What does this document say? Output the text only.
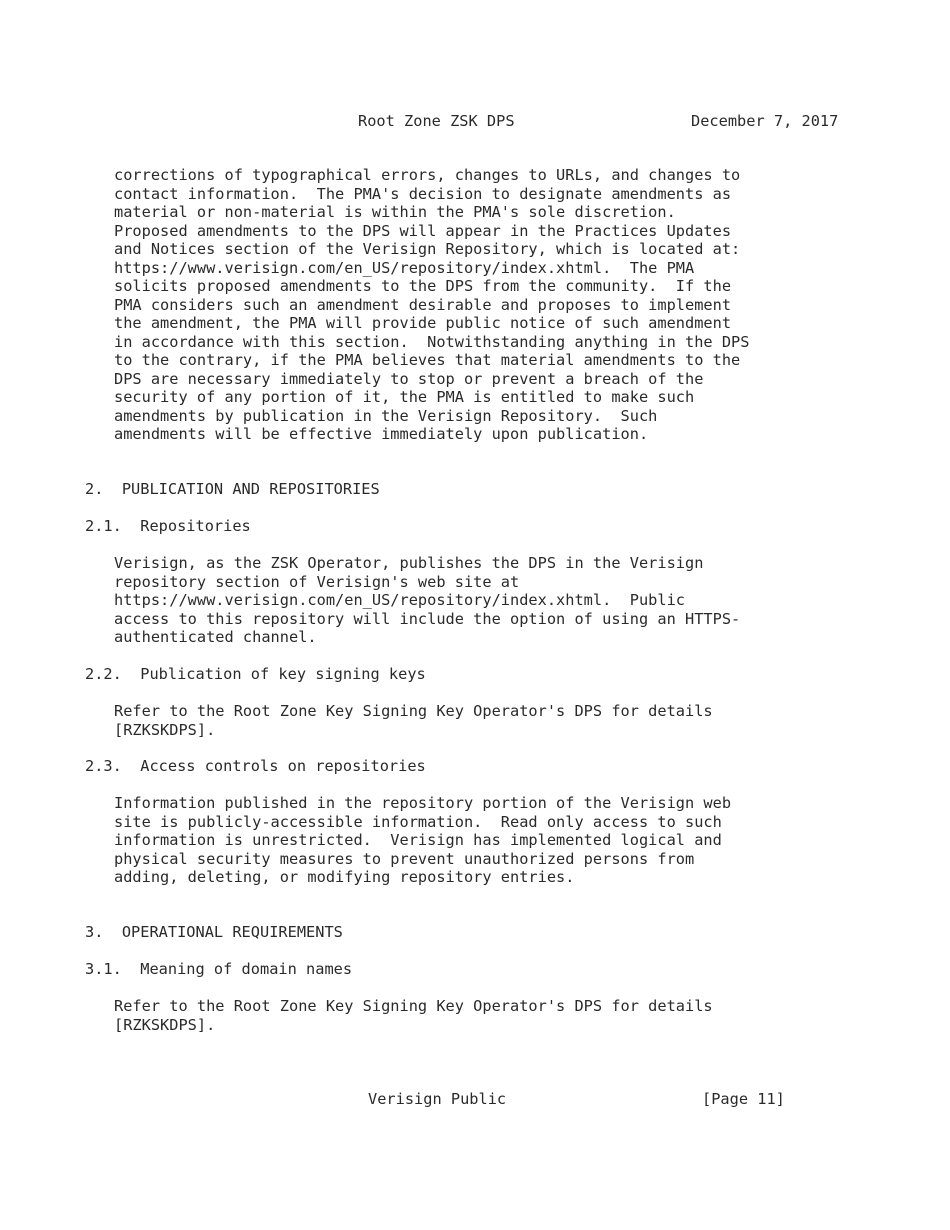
Root Zone ZSK DPS	December 7, 2017
corrections of typographical errors, changes to URLs, and changes to
contact information.  The PMA's decision to designate amendments as
material or non-material is within the PMA's sole discretion.
Proposed amendments to the DPS will appear in the Practices Updates
and Notices section of the Verisign Repository, which is located at:
https://www.verisign.com/en_US/repository/index.xhtml.  The PMA
solicits proposed amendments to the DPS from the community.  If the
PMA considers such an amendment desirable and proposes to implement
the amendment, the PMA will provide public notice of such amendment
in accordance with this section.  Notwithstanding anything in the DPS
to the contrary, if the PMA believes that material amendments to the
DPS are necessary immediately to stop or prevent a breach of the
security of any portion of it, the PMA is entitled to make such
amendments by publication in the Verisign Repository.  Such
amendments will be effective immediately upon publication.
2.  PUBLICATION AND REPOSITORIES
2.1.  Repositories
Verisign, as the ZSK Operator, publishes the DPS in the Verisign
repository section of Verisign's web site at
https://www.verisign.com/en_US/repository/index.xhtml.  Public
access to this repository will include the option of using an HTTPS-
authenticated channel.
2.2.  Publication of key signing keys
Refer to the Root Zone Key Signing Key Operator's DPS for details
[RZKSKDPS].
2.3.  Access controls on repositories
Information published in the repository portion of the Verisign web
site is publicly-accessible information.  Read only access to such
information is unrestricted.  Verisign has implemented logical and
physical security measures to prevent unauthorized persons from
adding, deleting, or modifying repository entries.
3.  OPERATIONAL REQUIREMENTS
3.1.  Meaning of domain names
Refer to the Root Zone Key Signing Key Operator's DPS for details
[RZKSKDPS].
Verisign Public	[Page 11]
